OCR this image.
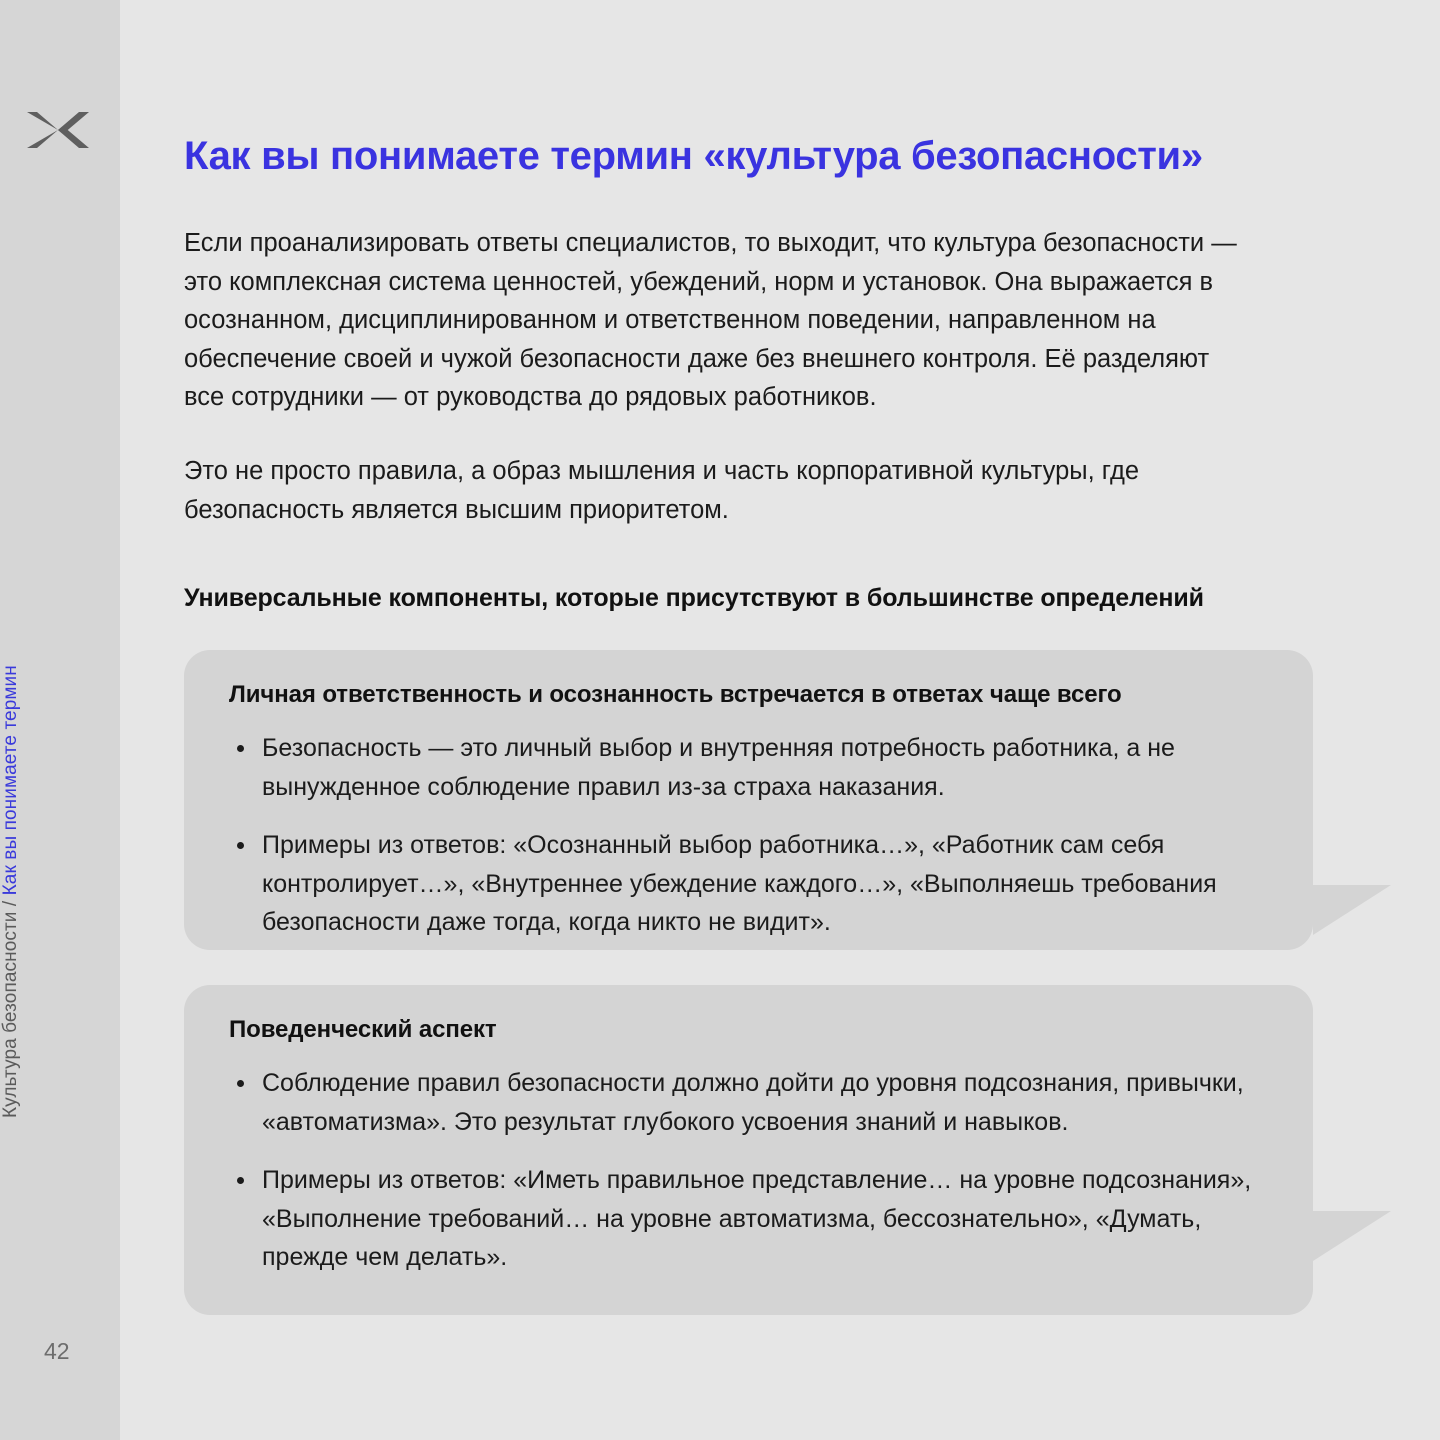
Культура безопасности / Как вы понимаете термин
42
Как вы понимаете термин «культура безопасности»

Если проанализировать ответы специалистов, то выходит, что культура безопасности — это комплексная система ценностей, убеждений, норм и установок. Она выражается в осознанном, дисциплинированном и ответственном поведении, направленном на обеспечение своей и чужой безопасности даже без внешнего контроля. Её разделяют все сотрудники — от руководства до рядовых работников.

Это не просто правила, а образ мышления и часть корпоративной культуры, где безопасность является высшим приоритетом.

Универсальные компоненты, которые присутствуют в большинстве определений
Личная ответственность и осознанность встречается в ответах чаще всего
Безопасность — это личный выбор и внутренняя потребность работника, а не вынужденное соблюдение правил из-за страха наказания.
Примеры из ответов: «Осознанный выбор работника…», «Работник сам себя контролирует…», «Внутреннее убеждение каждого…», «Выполняешь требования безопасности даже тогда, когда никто не видит».
Поведенческий аспект
Соблюдение правил безопасности должно дойти до уровня подсознания, привычки, «автоматизма». Это результат глубокого усвоения знаний и навыков.
Примеры из ответов: «Иметь правильное представление… на уровне подсознания», «Выполнение требований… на уровне автоматизма, бессознательно», «Думать, прежде чем делать».
